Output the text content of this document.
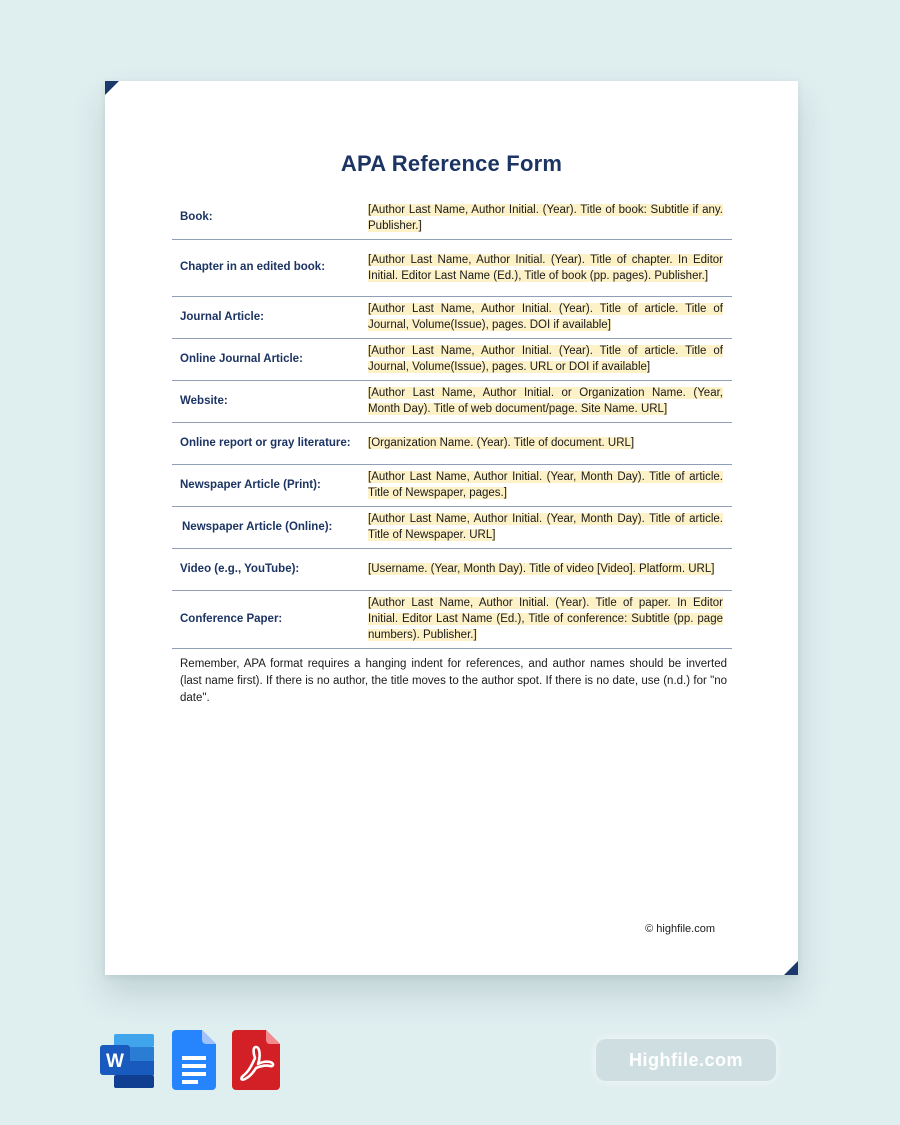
APA Reference Form
Book:	[Author Last Name, Author Initial. (Year). Title of book: Subtitle if any. Publisher.]
Chapter in an edited book:	[Author Last Name, Author Initial. (Year). Title of chapter. In Editor Initial. Editor Last Name (Ed.), Title of book (pp. pages). Publisher.]
Journal Article:	[Author Last Name, Author Initial. (Year). Title of article. Title of Journal, Volume(Issue), pages. DOI if available]
Online Journal Article:	[Author Last Name, Author Initial. (Year). Title of article. Title of Journal, Volume(Issue), pages. URL or DOI if available]
Website:	[Author Last Name, Author Initial. or Organization Name. (Year, Month Day). Title of web document/page. Site Name. URL]
Online report or gray literature:	[Organization Name. (Year). Title of document. URL]
Newspaper Article (Print):	[Author Last Name, Author Initial. (Year, Month Day). Title of article. Title of Newspaper, pages.]
Newspaper Article (Online):	[Author Last Name, Author Initial. (Year, Month Day). Title of article. Title of Newspaper. URL]
Video (e.g., YouTube):	[Username. (Year, Month Day). Title of video [Video]. Platform. URL]
Conference Paper:	[Author Last Name, Author Initial. (Year). Title of paper. In Editor Initial. Editor Last Name (Ed.), Title of conference: Subtitle (pp. page numbers). Publisher.]
Remember, APA format requires a hanging indent for references, and author names should be inverted (last name first). If there is no author, the title moves to the author spot. If there is no date, use (n.d.) for "no date".
© highfile.com
W	Highfile.com
